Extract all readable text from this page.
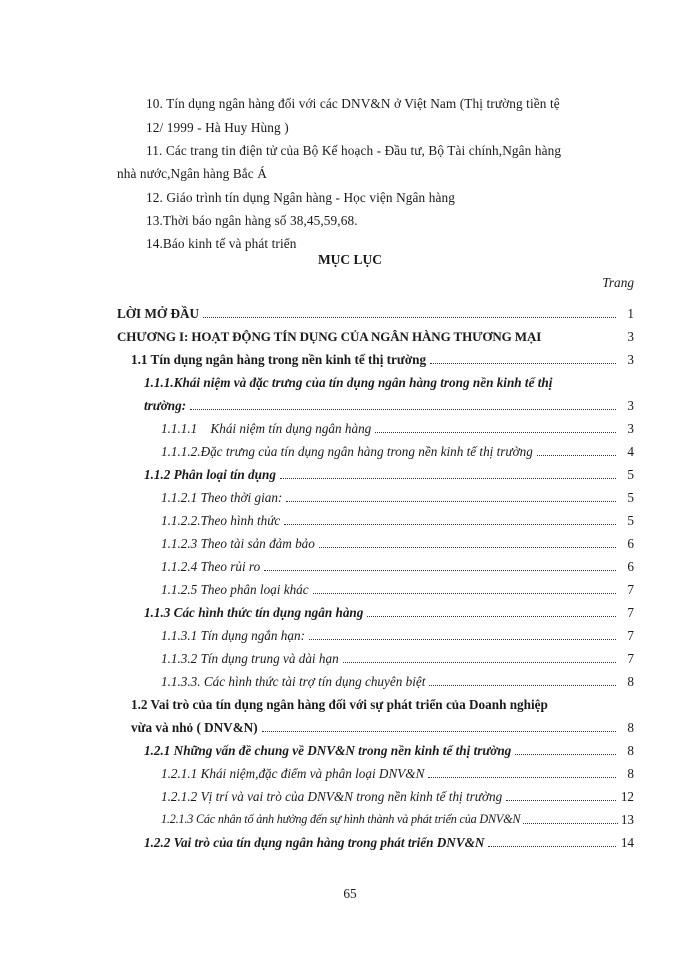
10. Tín dụng ngân hàng đối với các DNV&N ở Việt Nam (Thị trường tiền tệ
12/ 1999 - Hà Huy Hùng )
11. Các trang tin điện tử của Bộ Kế hoạch - Đầu tư, Bộ Tài chính,Ngân hàng
nhà nước,Ngân hàng Bắc Á
12. Giáo trình tín dụng Ngân hàng - Học viện Ngân hàng
13.Thời báo ngân hàng số 38,45,59,68.
14.Báo kinh tế và phát triển
MỤC LỤC
Trang
LỜI MỞ ĐẦU	1
CHƯƠNG I: HOẠT ĐỘNG TÍN DỤNG CỦA NGÂN HÀNG THƯƠNG MẠI	3
1.1 Tín dụng ngân hàng trong nền kinh tế thị trường	3
1.1.1.Khái niệm và đặc trưng của tín dụng ngân hàng trong nền kinh tế thị
trường:	3
1.1.1.1    Khái niệm tín dụng ngân hàng	3
1.1.1.2.Đặc trưng của tín dụng ngân hàng trong nền kinh tế thị trường	4
1.1.2 Phân loại tín dụng	5
1.1.2.1 Theo thời gian:	5
1.1.2.2.Theo hình thức	5
1.1.2.3 Theo tài sản đảm bảo	6
1.1.2.4 Theo rủi ro	6
1.1.2.5 Theo phân loại khác	7
1.1.3 Các hình thức tín dụng ngân hàng	7
1.1.3.1 Tín dụng ngắn hạn:	7
1.1.3.2 Tín dụng trung và dài hạn	7
1.1.3.3. Các hình thức tài trợ tín dụng chuyên biệt	8
1.2 Vai trò của tín dụng ngân hàng đối với sự phát triển của Doanh nghiệp
vừa và nhỏ ( DNV&N)	8
1.2.1 Những vấn đề chung về DNV&N trong nền kinh tế thị trường	8
1.2.1.1 Khái niệm,đặc điểm và phân loại DNV&N	8
1.2.1.2 Vị trí và vai trò của DNV&N trong nền kinh tế thị trường	12
1.2.1.3 Các nhân tố ảnh hưởng đến sự hình thành và phát triển của DNV&N	13
1.2.2 Vai trò của tín dụng ngân hàng trong phát triển DNV&N	14
65
